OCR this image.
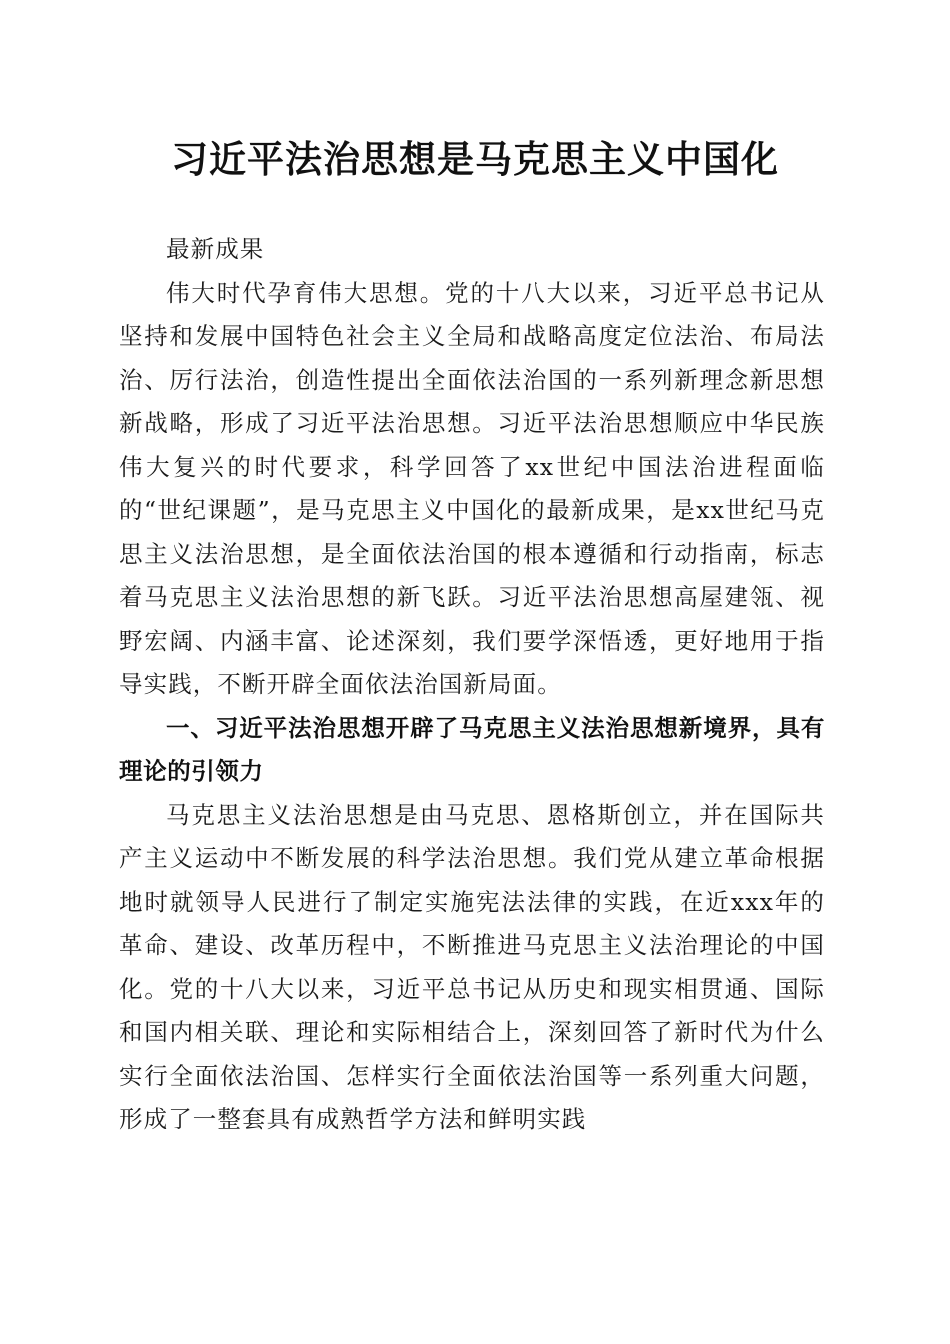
习近平法治思想是马克思主义中国化

最新成果

伟大时代孕育伟大思想。党的十八大以来，习近平总书记从坚持和发展中国特色社会主义全局和战略高度定位法治、布局法治、厉行法治，创造性提出全面依法治国的一系列新理念新思想新战略，形成了习近平法治思想。习近平法治思想顺应中华民族伟大复兴的时代要求，科学回答了xx世纪中国法治进程面临的“世纪课题”，是马克思主义中国化的最新成果，是xx世纪马克思主义法治思想，是全面依法治国的根本遵循和行动指南，标志着马克思主义法治思想的新飞跃。习近平法治思想高屋建瓴、视野宏阔、内涵丰富、论述深刻，我们要学深悟透，更好地用于指导实践，不断开辟全面依法治国新局面。

一、习近平法治思想开辟了马克思主义法治思想新境界，具有理论的引领力

马克思主义法治思想是由马克思、恩格斯创立，并在国际共产主义运动中不断发展的科学法治思想。我们党从建立革命根据地时就领导人民进行了制定实施宪法法律的实践，在近xxx年的革命、建设、改革历程中，不断推进马克思主义法治理论的中国化。党的十八大以来，习近平总书记从历史和现实相贯通、国际和国内相关联、理论和实际相结合上，深刻回答了新时代为什么实行全面依法治国、怎样实行全面依法治国等一系列重大问题，形成了一整套具有成熟哲学方法和鲜明实践
